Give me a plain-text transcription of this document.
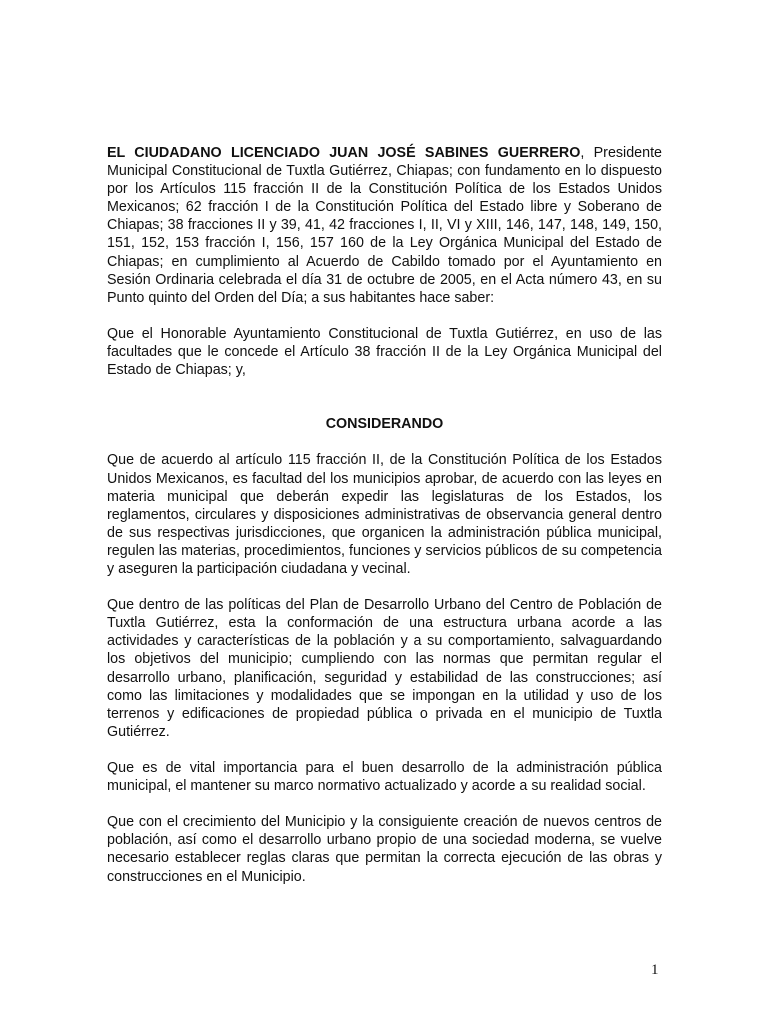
EL CIUDADANO LICENCIADO JUAN JOSÉ SABINES GUERRERO, Presidente Municipal Constitucional de Tuxtla Gutiérrez, Chiapas; con fundamento en lo dispuesto por los Artículos 115 fracción II de la Constitución Política de los Estados Unidos Mexicanos; 62 fracción I de la Constitución Política del Estado libre y Soberano de Chiapas; 38 fracciones II y 39, 41, 42 fracciones I, II, VI y XIII, 146, 147, 148, 149, 150, 151, 152, 153 fracción I, 156, 157 160 de la Ley Orgánica Municipal del Estado de Chiapas; en cumplimiento al Acuerdo de Cabildo tomado por el Ayuntamiento en Sesión Ordinaria celebrada el día 31 de octubre de 2005, en el Acta número 43, en su Punto quinto del Orden del Día; a sus habitantes hace saber:

Que el Honorable Ayuntamiento Constitucional de Tuxtla Gutiérrez, en uso de las facultades que le concede el Artículo 38 fracción II de la Ley Orgánica Municipal del Estado de Chiapas; y,

CONSIDERANDO

Que de acuerdo al artículo 115 fracción II, de la Constitución Política de los Estados Unidos Mexicanos, es facultad del los municipios aprobar, de acuerdo con las leyes en materia municipal que deberán expedir las legislaturas de los Estados, los reglamentos, circulares y disposiciones administrativas de observancia general dentro de sus respectivas jurisdicciones, que organicen la administración pública municipal, regulen las materias, procedimientos, funciones y servicios públicos de su competencia y aseguren la participación ciudadana y vecinal.

Que dentro de las políticas del Plan de Desarrollo Urbano del Centro de Población de Tuxtla Gutiérrez, esta la conformación de una estructura urbana acorde a las actividades y características de la población y a su comportamiento, salvaguardando los objetivos del municipio; cumpliendo con las normas que permitan regular el desarrollo urbano, planificación, seguridad y estabilidad de las construcciones; así como las limitaciones y modalidades que se impongan en la utilidad y uso de los terrenos y edificaciones de propiedad pública o privada en el municipio de Tuxtla Gutiérrez.

Que es de vital importancia para el buen desarrollo de la administración pública municipal, el mantener su marco normativo actualizado y acorde a su realidad social.

Que con el crecimiento del Municipio y la consiguiente creación de nuevos centros de población, así como el desarrollo urbano propio de una sociedad moderna, se vuelve necesario establecer reglas claras que permitan la correcta ejecución de las obras y construcciones en el Municipio.

1
